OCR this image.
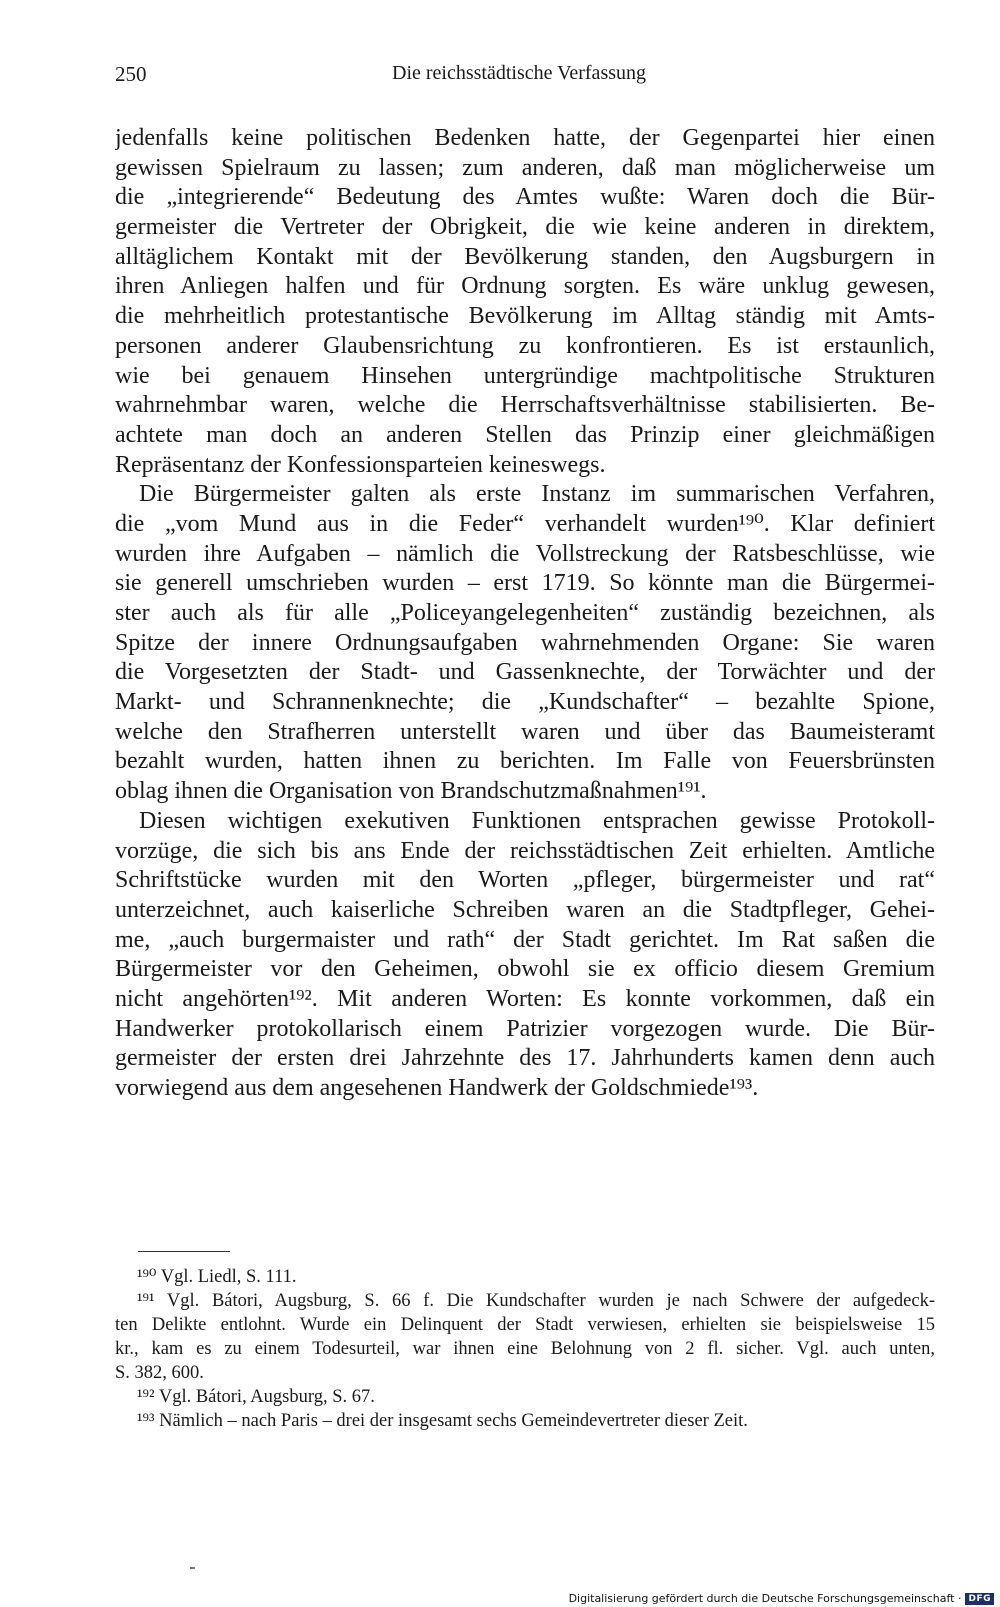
250	Die reichsstädtische Verfassung
jedenfalls keine politischen Bedenken hatte, der Gegenpartei hier einen
gewissen Spielraum zu lassen; zum anderen, daß man möglicherweise um
die „integrierende“ Bedeutung des Amtes wußte: Waren doch die Bür-
germeister die Vertreter der Obrigkeit, die wie keine anderen in direktem,
alltäglichem Kontakt mit der Bevölkerung standen, den Augsburgern in
ihren Anliegen halfen und für Ordnung sorgten. Es wäre unklug gewesen,
die mehrheitlich protestantische Bevölkerung im Alltag ständig mit Amts-
personen anderer Glaubensrichtung zu konfrontieren. Es ist erstaunlich,
wie bei genauem Hinsehen untergründige machtpolitische Strukturen
wahrnehmbar waren, welche die Herrschaftsverhältnisse stabilisierten. Be-
achtete man doch an anderen Stellen das Prinzip einer gleichmäßigen
Repräsentanz der Konfessionsparteien keineswegs.
Die Bürgermeister galten als erste Instanz im summarischen Verfahren,
die „vom Mund aus in die Feder“ verhandelt wurden¹⁹⁰. Klar definiert
wurden ihre Aufgaben – nämlich die Vollstreckung der Ratsbeschlüsse, wie
sie generell umschrieben wurden – erst 1719. So könnte man die Bürgermei-
ster auch als für alle „Policeyangelegenheiten“ zuständig bezeichnen, als
Spitze der innere Ordnungsaufgaben wahrnehmenden Organe: Sie waren
die Vorgesetzten der Stadt- und Gassenknechte, der Torwächter und der
Markt- und Schrannenknechte; die „Kundschafter“ – bezahlte Spione,
welche den Strafherren unterstellt waren und über das Baumeisteramt
bezahlt wurden, hatten ihnen zu berichten. Im Falle von Feuersbrünsten
oblag ihnen die Organisation von Brandschutzmaßnahmen¹⁹¹.
Diesen wichtigen exekutiven Funktionen entsprachen gewisse Protokoll-
vorzüge, die sich bis ans Ende der reichsstädtischen Zeit erhielten. Amtliche
Schriftstücke wurden mit den Worten „pfleger, bürgermeister und rat“
unterzeichnet, auch kaiserliche Schreiben waren an die Stadtpfleger, Gehei-
me, „auch burgermaister und rath“ der Stadt gerichtet. Im Rat saßen die
Bürgermeister vor den Geheimen, obwohl sie ex officio diesem Gremium
nicht angehörten¹⁹². Mit anderen Worten: Es konnte vorkommen, daß ein
Handwerker protokollarisch einem Patrizier vorgezogen wurde. Die Bür-
germeister der ersten drei Jahrzehnte des 17. Jahrhunderts kamen denn auch
vorwiegend aus dem angesehenen Handwerk der Goldschmiede¹⁹³.
¹⁹⁰ Vgl. Liedl, S. 111.
¹⁹¹ Vgl. Bátori, Augsburg, S. 66 f. Die Kundschafter wurden je nach Schwere der aufgedeck-
ten Delikte entlohnt. Wurde ein Delinquent der Stadt verwiesen, erhielten sie beispielsweise 15
kr., kam es zu einem Todesurteil, war ihnen eine Belohnung von 2 fl. sicher. Vgl. auch unten,
S. 382, 600.
¹⁹² Vgl. Bátori, Augsburg, S. 67.
¹⁹³ Nämlich – nach Paris – drei der insgesamt sechs Gemeindevertreter dieser Zeit.
Digitalisierung gefördert durch die Deutsche Forschungsgemeinschaft · DFG
